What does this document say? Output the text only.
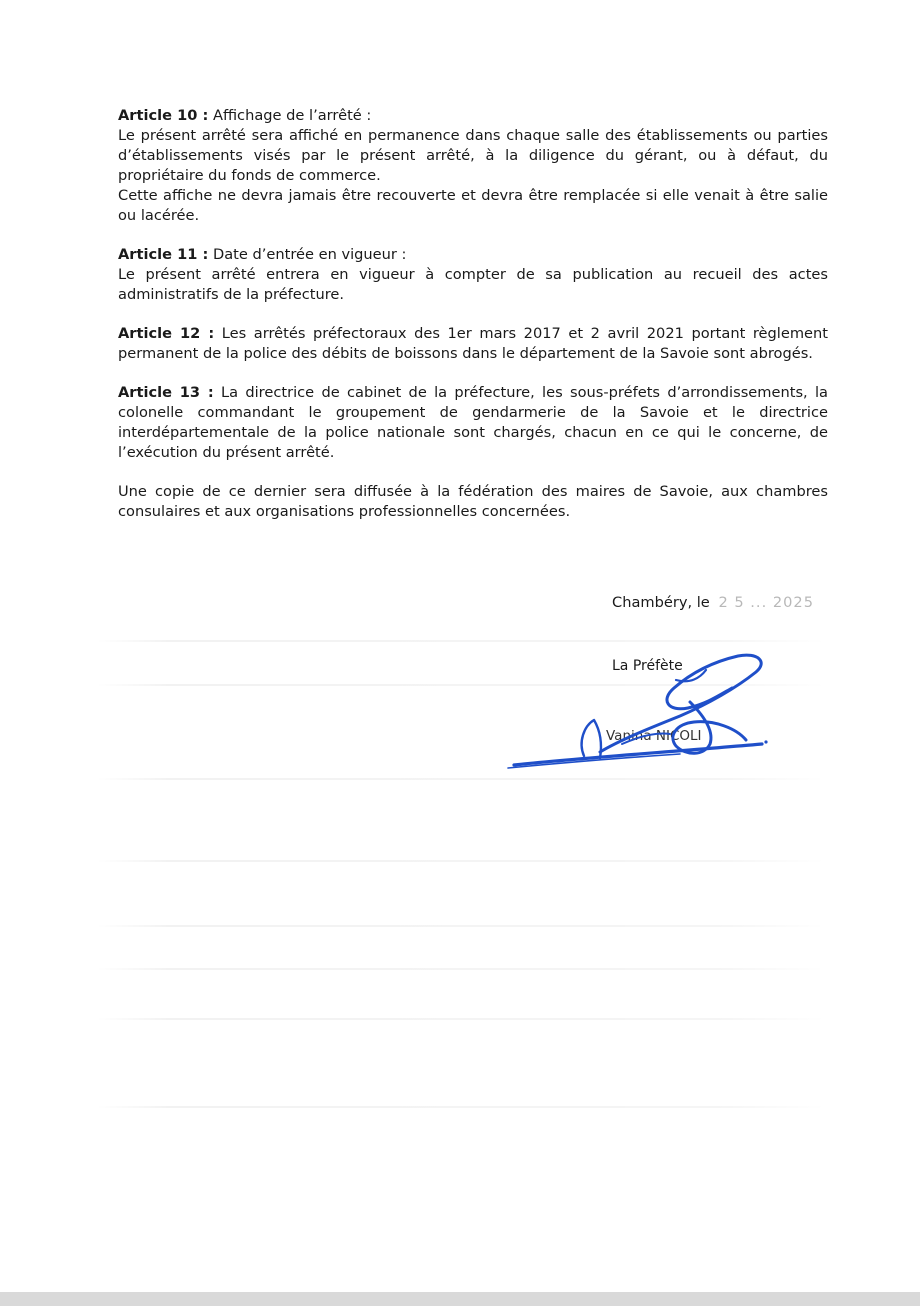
Article 10 : Affichage de l’arrêté :

Le présent arrêté sera affiché en permanence dans chaque salle des établissements ou parties d’établissements visés par le présent arrêté, à la diligence du gérant, ou à défaut, du propriétaire du fonds de commerce.

Cette affiche ne devra jamais être recouverte et devra être remplacée si elle venait à être salie ou lacérée.

Article 11 : Date d’entrée en vigueur :

Le présent arrêté entrera en vigueur à compter de sa publication au recueil des actes administratifs de la préfecture.

Article 12 : Les arrêtés préfectoraux des 1er mars 2017 et 2 avril 2021 portant règlement permanent de la police des débits de boissons dans le département de la Savoie sont abrogés.

Article 13 : La directrice de cabinet de la préfecture, les sous-préfets d’arrondissements, la colonelle commandant le groupement de gendarmerie de la Savoie et le directrice interdépartementale de la police nationale sont chargés, chacun en ce qui le concerne, de l’exécution du présent arrêté.

Une copie de ce dernier sera diffusée à la fédération des maires de Savoie, aux chambres consulaires et aux organisations professionnelles concernées.

Chambéry, le 2 5 ... 2025
La Préfète
Vanina NICOLI
